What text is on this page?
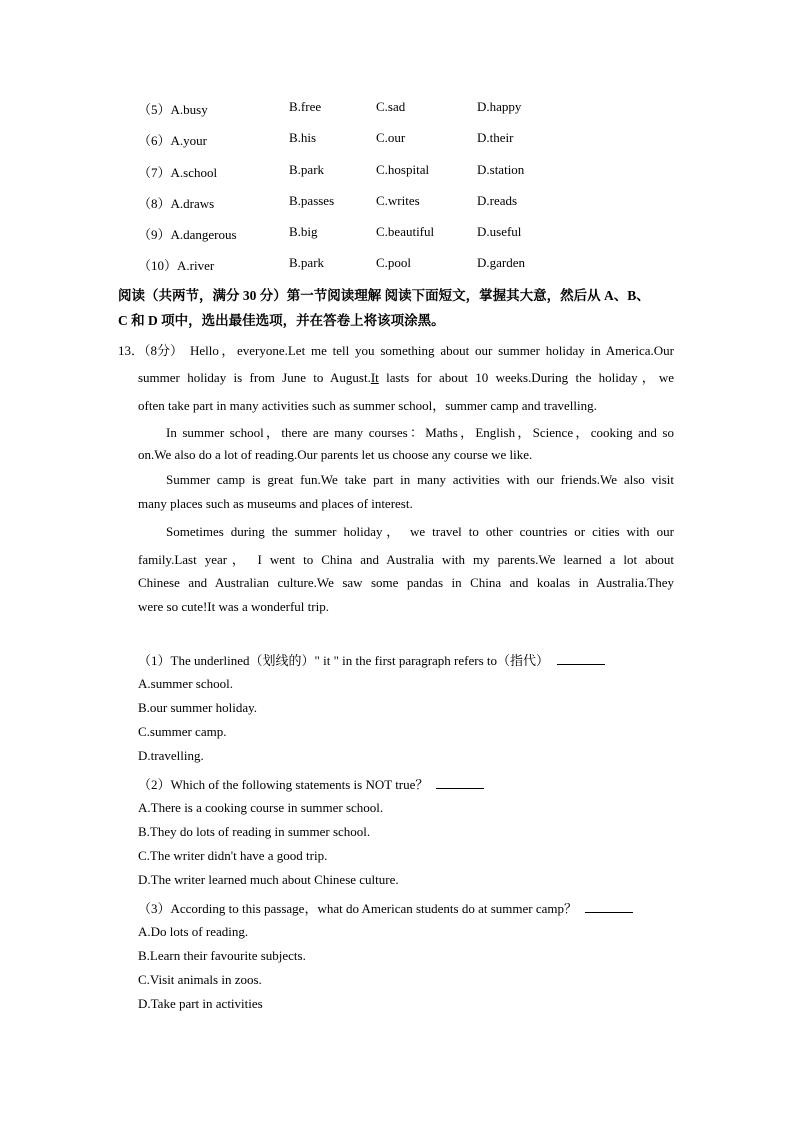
（5）A.busy	B.free	C.sad	D.happy
（6）A.your	B.his	C.our	D.their
（7）A.school	B.park	C.hospital	D.station
（8）A.draws	B.passes	C.writes	D.reads
（9）A.dangerous	B.big	C.beautiful	D.useful
（10）A.river	B.park	C.pool	D.garden
阅读（共两节，满分 30 分）第一节阅读理解 阅读下面短文，掌握其大意，然后从 A、B、
C 和 D 项中，选出最佳选项，并在答卷上将该项涂黑。
13．（8分） Hello，everyone.Let me tell you something about our summer holiday in America.Our
summer holiday is from June to August.It lasts for about 10 weeks.During the holiday，we
often take part in many activities such as summer school，summer camp and travelling.
In summer school，there are many courses：Maths，English，Science，cooking and so
on.We also do a lot of reading.Our parents let us choose any course we like.
Summer camp is great fun.We take part in many activities with our friends.We also visit
many places such as museums and places of interest.
Sometimes during the summer holiday， we travel to other countries or cities with our
family.Last year， I went to China and Australia with my parents.We learned a lot about
Chinese and Australian culture.We saw some pandas in China and koalas in Australia.They
were so cute!It was a wonderful trip.
（1）The underlined（划线的）" it " in the first paragraph refers to（指代）
A.summer school.
B.our summer holiday.
C.summer camp.
D.travelling.
（2）Which of the following statements is NOT true？
A.There is a cooking course in summer school.
B.They do lots of reading in summer school.
C.The writer didn't have a good trip.
D.The writer learned much about Chinese culture.
（3）According to this passage，what do American students do at summer camp？
A.Do lots of reading.
B.Learn their favourite subjects.
C.Visit animals in zoos.
D.Take part in activities
